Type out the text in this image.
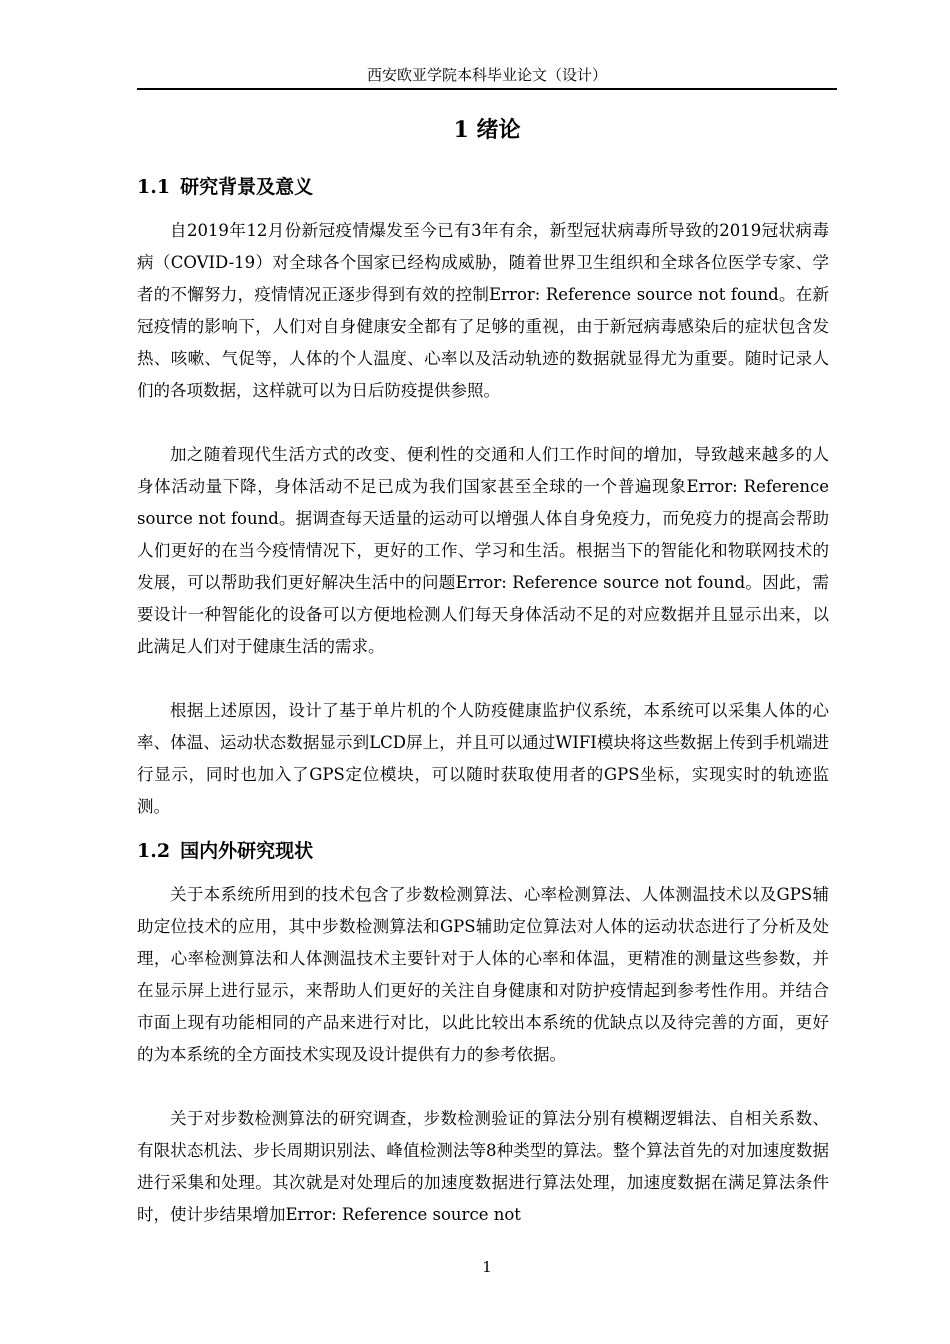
西安欧亚学院本科毕业论文（设计）
1 绪论
1.1 研究背景及意义

自2019年12月份新冠疫情爆发至今已有3年有余，新型冠状病毒所导致的2019冠状病毒病（COVID-19）对全球各个国家已经构成威胁，随着世界卫生组织和全球各位医学专家、学者的不懈努力，疫情情况正逐步得到有效的控制Error: Reference source not found。在新冠疫情的影响下，人们对自身健康安全都有了足够的重视，由于新冠病毒感染后的症状包含发热、咳嗽、气促等，人体的个人温度、心率以及活动轨迹的数据就显得尤为重要。随时记录人们的各项数据，这样就可以为日后防疫提供参照。

加之随着现代生活方式的改变、便利性的交通和人们工作时间的增加，导致越来越多的人身体活动量下降，身体活动不足已成为我们国家甚至全球的一个普遍现象Error: Reference source not found。据调查每天适量的运动可以增强人体自身免疫力，而免疫力的提高会帮助人们更好的在当今疫情情况下，更好的工作、学习和生活。根据当下的智能化和物联网技术的发展，可以帮助我们更好解决生活中的问题Error: Reference source not found。因此，需要设计一种智能化的设备可以方便地检测人们每天身体活动不足的对应数据并且显示出来，以此满足人们对于健康生活的需求。

根据上述原因，设计了基于单片机的个人防疫健康监护仪系统，本系统可以采集人体的心率、体温、运动状态数据显示到LCD屏上，并且可以通过WIFI模块将这些数据上传到手机端进行显示，同时也加入了GPS定位模块，可以随时获取使用者的GPS坐标，实现实时的轨迹监测。

1.2 国内外研究现状

关于本系统所用到的技术包含了步数检测算法、心率检测算法、人体测温技术以及GPS辅助定位技术的应用，其中步数检测算法和GPS辅助定位算法对人体的运动状态进行了分析及处理，心率检测算法和人体测温技术主要针对于人体的心率和体温，更精准的测量这些参数，并在显示屏上进行显示，来帮助人们更好的关注自身健康和对防护疫情起到参考性作用。并结合市面上现有功能相同的产品来进行对比，以此比较出本系统的优缺点以及待完善的方面，更好的为本系统的全方面技术实现及设计提供有力的参考依据。

关于对步数检测算法的研究调查，步数检测验证的算法分别有模糊逻辑法、自相关系数、有限状态机法、步长周期识别法、峰值检测法等8种类型的算法。整个算法首先的对加速度数据进行采集和处理。其次就是对处理后的加速度数据进行算法处理，加速度数据在满足算法条件时，使计步结果增加Error: Reference source not

1
